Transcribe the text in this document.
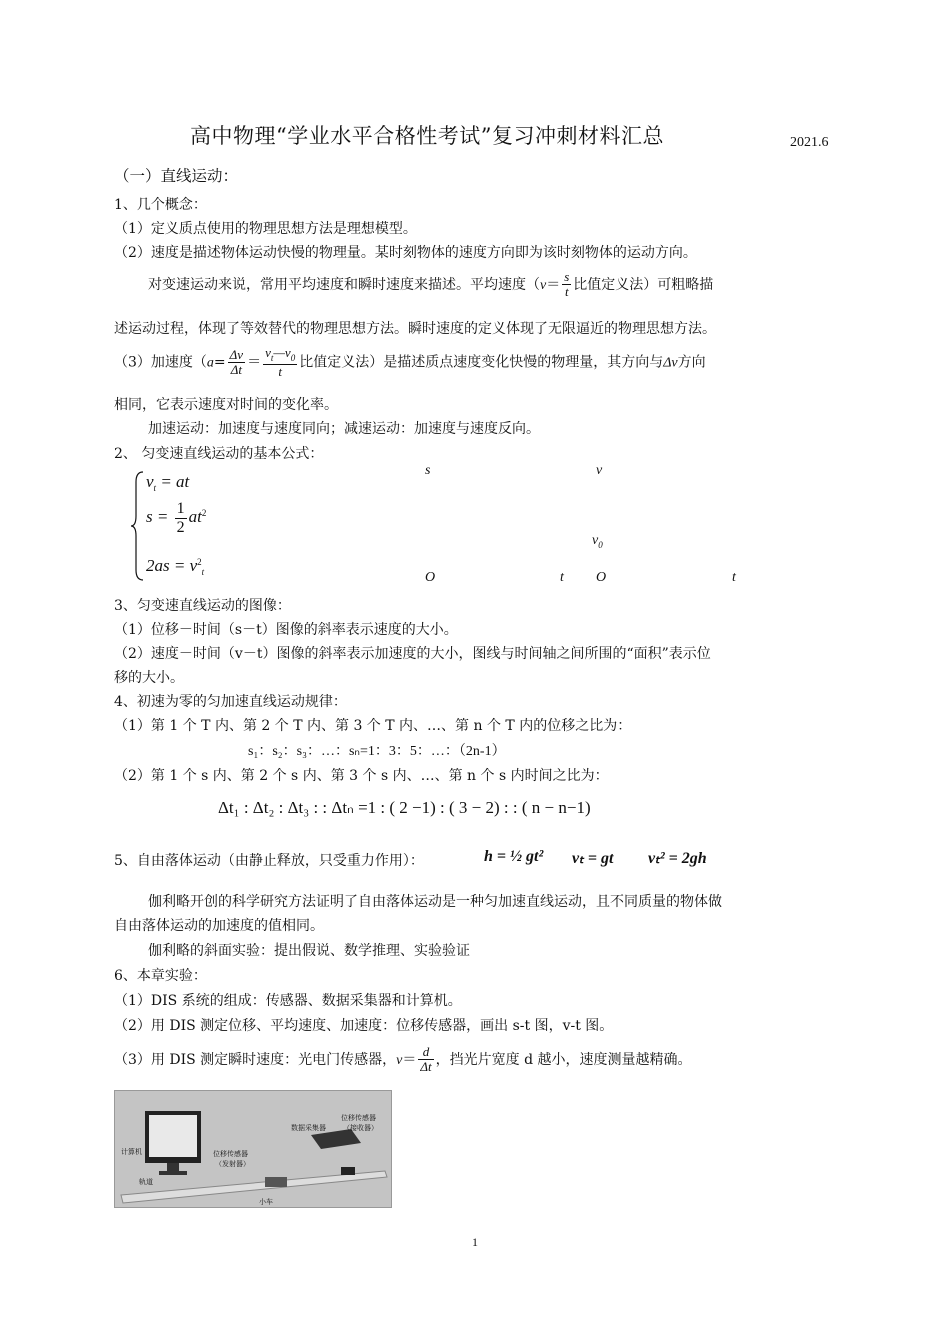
高中物理“学业水平合格性考试”复习冲刺材料汇总	2021.6
（一）直线运动：
1、几个概念：
（1）定义质点使用的物理思想方法是理想模型。
（2）速度是描述物体运动快慢的物理量。某时刻物体的速度方向即为该时刻物体的运动方向。
对变速运动来说，常用平均速度和瞬时速度来描述。平均速度（$v= \frac{s}{t}$ 比值定义法）可粗略描
述运动过程，体现了等效替代的物理思想方法。瞬时速度的定义体现了无限逼近的物理思想方法。
（3）加速度（$a= \frac{\Delta v}{\Delta t} = \frac{v_t—v_0}{t}$ 比值定义法）是描述质点速度变化快慢的物理量，其方向与Δv方向
相同，它表示速度对时间的变化率。
加速运动：加速度与速度同向；减速运动：加速度与速度反向。
2、 匀变速直线运动的基本公式：
$v_t$ = at
$s = \frac{1}{2} at^2$
$2as = v^2_t$
s
O	t
v
$v_0$
O	t
3、匀变速直线运动的图像：
（1）位移－时间（s－t）图像的斜率表示速度的大小。
（2）速度－时间（v－t）图像的斜率表示加速度的大小，图线与时间轴之间所围的“面积”表示位
移的大小。
4、初速为零的匀加速直线运动规律：
（1）第 1 个 T 内、第 2 个 T 内、第 3 个 T 内、…、第 n 个 T 内的位移之比为：
s₁：s₂：s₃：…：sₙ=1：3：5：…：（2n-1）
（2）第 1 个 s 内、第 2 个 s 内、第 3 个 s 内、…、第 n 个 s 内时间之比为：
Δt₁ : Δt₂ : Δt₃ : : Δtₙ =1 : ( 2 −1) : ( 3 − 2) : : ( n − n−1)
5、自由落体运动（由静止释放，只受重力作用）：	h = ½ gt² vₜ = gt vₜ² = 2gh
伽利略开创的科学研究方法证明了自由落体运动是一种匀加速直线运动，且不同质量的物体做
自由落体运动的加速度的值相同。
伽利略的斜面实验：提出假说、数学推理、实验验证
6、本章实验：
（1）DIS 系统的组成：传感器、数据采集器和计算机。
（2）用 DIS 测定位移、平均速度、加速度：位移传感器，画出 s-t 图，v-t 图。
（3）用 DIS 测定瞬时速度：光电门传感器，$v= \frac{d}{\Delta t}$ ，挡光片宽度 d 越小，速度测量越精确。
计算机
轨道
数据采集器
位移传感器
（接收器）
位移传感器
（发射器）
小车
1
